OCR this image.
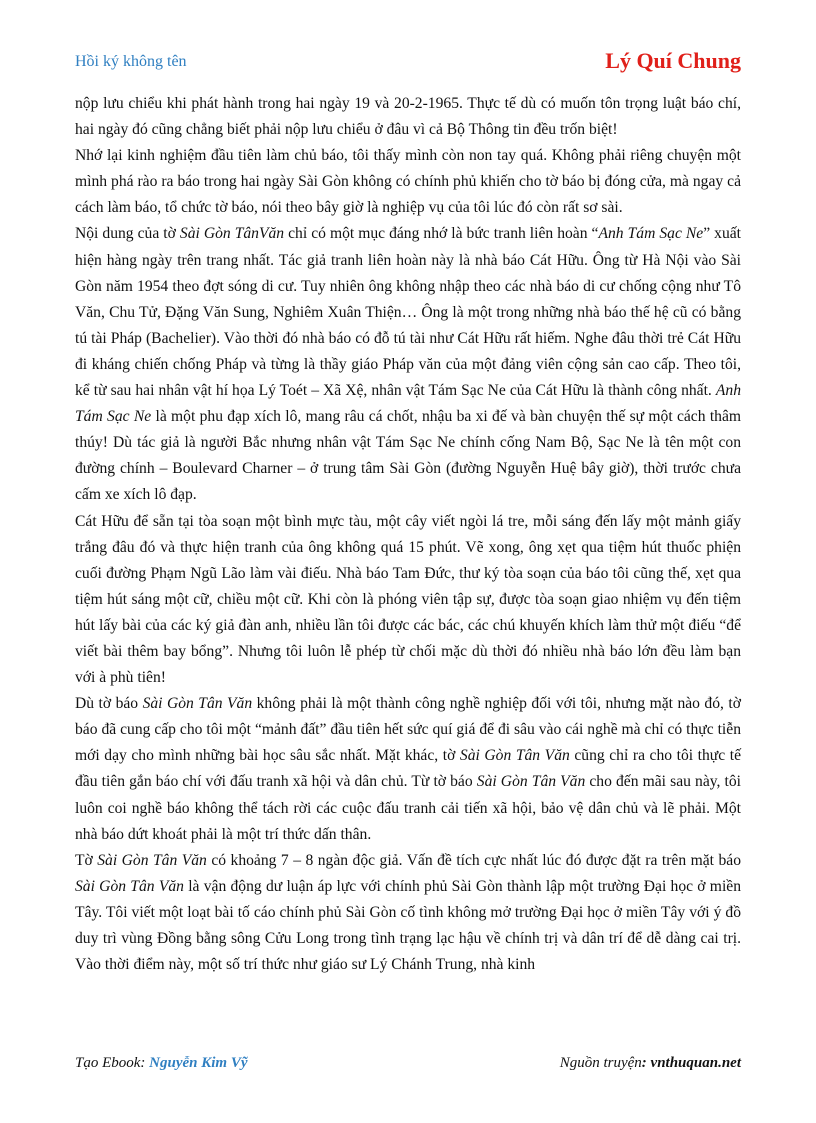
Hồi ký không tên	Lý Quí Chung

nộp lưu chiểu khi phát hành trong hai ngày 19 và 20-2-1965. Thực tế dù có muốn tôn trọng luật báo chí, hai ngày đó cũng chẳng biết phải nộp lưu chiểu ở đâu vì cả Bộ Thông tin đều trốn biệt!

Nhớ lại kinh nghiệm đầu tiên làm chủ báo, tôi thấy mình còn non tay quá. Không phải riêng chuyện một mình phá rào ra báo trong hai ngày Sài Gòn không có chính phủ khiến cho tờ báo bị đóng cửa, mà ngay cả cách làm báo, tổ chức tờ báo, nói theo bây giờ là nghiệp vụ của tôi lúc đó còn rất sơ sài.

Nội dung của tờ Sài Gòn TânVăn chỉ có một mục đáng nhớ là bức tranh liên hoàn “Anh Tám Sạc Ne” xuất hiện hàng ngày trên trang nhất. Tác giả tranh liên hoàn này là nhà báo Cát Hữu. Ông từ Hà Nội vào Sài Gòn năm 1954 theo đợt sóng di cư. Tuy nhiên ông không nhập theo các nhà báo di cư chống cộng như Tô Văn, Chu Tử, Đặng Văn Sung, Nghiêm Xuân Thiện… Ông là một trong những nhà báo thế hệ cũ có bằng tú tài Pháp (Bachelier). Vào thời đó nhà báo có đỗ tú tài như Cát Hữu rất hiếm. Nghe đâu thời trẻ Cát Hữu đi kháng chiến chống Pháp và từng là thầy giáo Pháp văn của một đảng viên cộng sản cao cấp. Theo tôi, kể từ sau hai nhân vật hí họa Lý Toét – Xã Xệ, nhân vật Tám Sạc Ne của Cát Hữu là thành công nhất. Anh Tám Sạc Ne là một phu đạp xích lô, mang râu cá chốt, nhậu ba xi đế và bàn chuyện thế sự một cách thâm thúy! Dù tác giả là người Bắc nhưng nhân vật Tám Sạc Ne chính cống Nam Bộ, Sạc Ne là tên một con đường chính – Boulevard Charner – ở trung tâm Sài Gòn (đường Nguyễn Huệ bây giờ), thời trước chưa cấm xe xích lô đạp.

Cát Hữu để sẵn tại tòa soạn một bình mực tàu, một cây viết ngòi lá tre, mỗi sáng đến lấy một mảnh giấy trắng đâu đó và thực hiện tranh của ông không quá 15 phút. Vẽ xong, ông xẹt qua tiệm hút thuốc phiện cuối đường Phạm Ngũ Lão làm vài điếu. Nhà báo Tam Đức, thư ký tòa soạn của báo tôi cũng thế, xẹt qua tiệm hút sáng một cữ, chiều một cữ. Khi còn là phóng viên tập sự, được tòa soạn giao nhiệm vụ đến tiệm hút lấy bài của các ký giả đàn anh, nhiều lần tôi được các bác, các chú khuyến khích làm thử một điếu “để viết bài thêm bay bổng”. Nhưng tôi luôn lễ phép từ chối mặc dù thời đó nhiều nhà báo lớn đều làm bạn với à phù tiên!

Dù tờ báo Sài Gòn Tân Văn không phải là một thành công nghề nghiệp đối với tôi, nhưng mặt nào đó, tờ báo đã cung cấp cho tôi một “mảnh đất” đầu tiên hết sức quí giá để đi sâu vào cái nghề mà chỉ có thực tiễn mới dạy cho mình những bài học sâu sắc nhất. Mặt khác, tờ Sài Gòn Tân Văn cũng chỉ ra cho tôi thực tế đầu tiên gắn báo chí với đấu tranh xã hội và dân chủ. Từ tờ báo Sài Gòn Tân Văn cho đến mãi sau này, tôi luôn coi nghề báo không thể tách rời các cuộc đấu tranh cải tiến xã hội, bảo vệ dân chủ và lẽ phải. Một nhà báo dứt khoát phải là một trí thức dấn thân.

Tờ Sài Gòn Tân Văn có khoảng 7 – 8 ngàn độc giả. Vấn đề tích cực nhất lúc đó được đặt ra trên mặt báo Sài Gòn Tân Văn là vận động dư luận áp lực với chính phủ Sài Gòn thành lập một trường Đại học ở miền Tây. Tôi viết một loạt bài tố cáo chính phủ Sài Gòn cố tình không mở trường Đại học ở miền Tây với ý đồ duy trì vùng Đồng bằng sông Cửu Long trong tình trạng lạc hậu về chính trị và dân trí để dễ dàng cai trị. Vào thời điểm này, một số trí thức như giáo sư Lý Chánh Trung, nhà kinh

Tạo Ebook: Nguyễn Kim Vỹ	Nguồn truyện: vnthuquan.net
